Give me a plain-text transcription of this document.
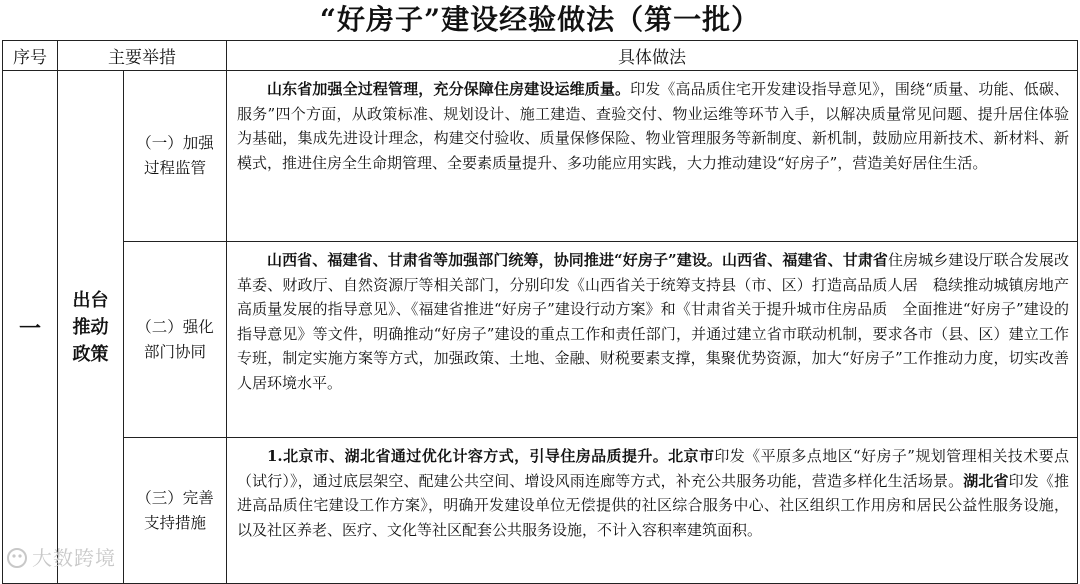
“好房子”建设经验做法（第一批）
序号	主要举措		具体做法
一	出台推动政策	（一）加强过程监管	山东省加强全过程管理，充分保障住房建设运维质量。印发《高品质住宅开发建设指导意见》，围绕“质量、功能、低碳、服务”四个方面，从政策标准、规划设计、施工建造、查验交付、物业运维等环节入手，以解决质量常见问题、提升居住体验为基础，集成先进设计理念，构建交付验收、质量保修保险、物业管理服务等新制度、新机制，鼓励应用新技术、新材料、新模式，推进住房全生命期管理、全要素质量提升、多功能应用实践，大力推动建设“好房子”，营造美好居住生活。

		（二）强化部门协同	山西省、福建省、甘肃省等加强部门统筹，协同推进“好房子”建设。山西省、福建省、甘肃省住房城乡建设厅联合发展改革委、财政厅、自然资源厅等相关部门，分别印发《山西省关于统筹支持县（市、区）打造高品质人居　稳续推动城镇房地产高质量发展的指导意见》、《福建省推进“好房子”建设行动方案》和《甘肃省关于提升城市住房品质　全面推进“好房子”建设的指导意见》等文件，明确推动“好房子”建设的重点工作和责任部门，并通过建立省市联动机制，要求各市（县、区）建立工作专班，制定实施方案等方式，加强政策、土地、金融、财税要素支撑，集聚优势资源，加大“好房子”工作推动力度，切实改善人居环境水平。

		（三）完善支持措施	1.北京市、湖北省通过优化计容方式，引导住房品质提升。北京市印发《平原多点地区“好房子”规划管理相关技术要点（试行）》，通过底层架空、配建公共空间、增设风雨连廊等方式，补充公共服务功能，营造多样化生活场景。湖北省印发《推进高品质住宅建设工作方案》，明确开发建设单位无偿提供的社区综合服务中心、社区组织工作用房和居民公益性服务设施，以及社区养老、医疗、文化等社区配套公共服务设施，不计入容积率建筑面积。
大数跨境
